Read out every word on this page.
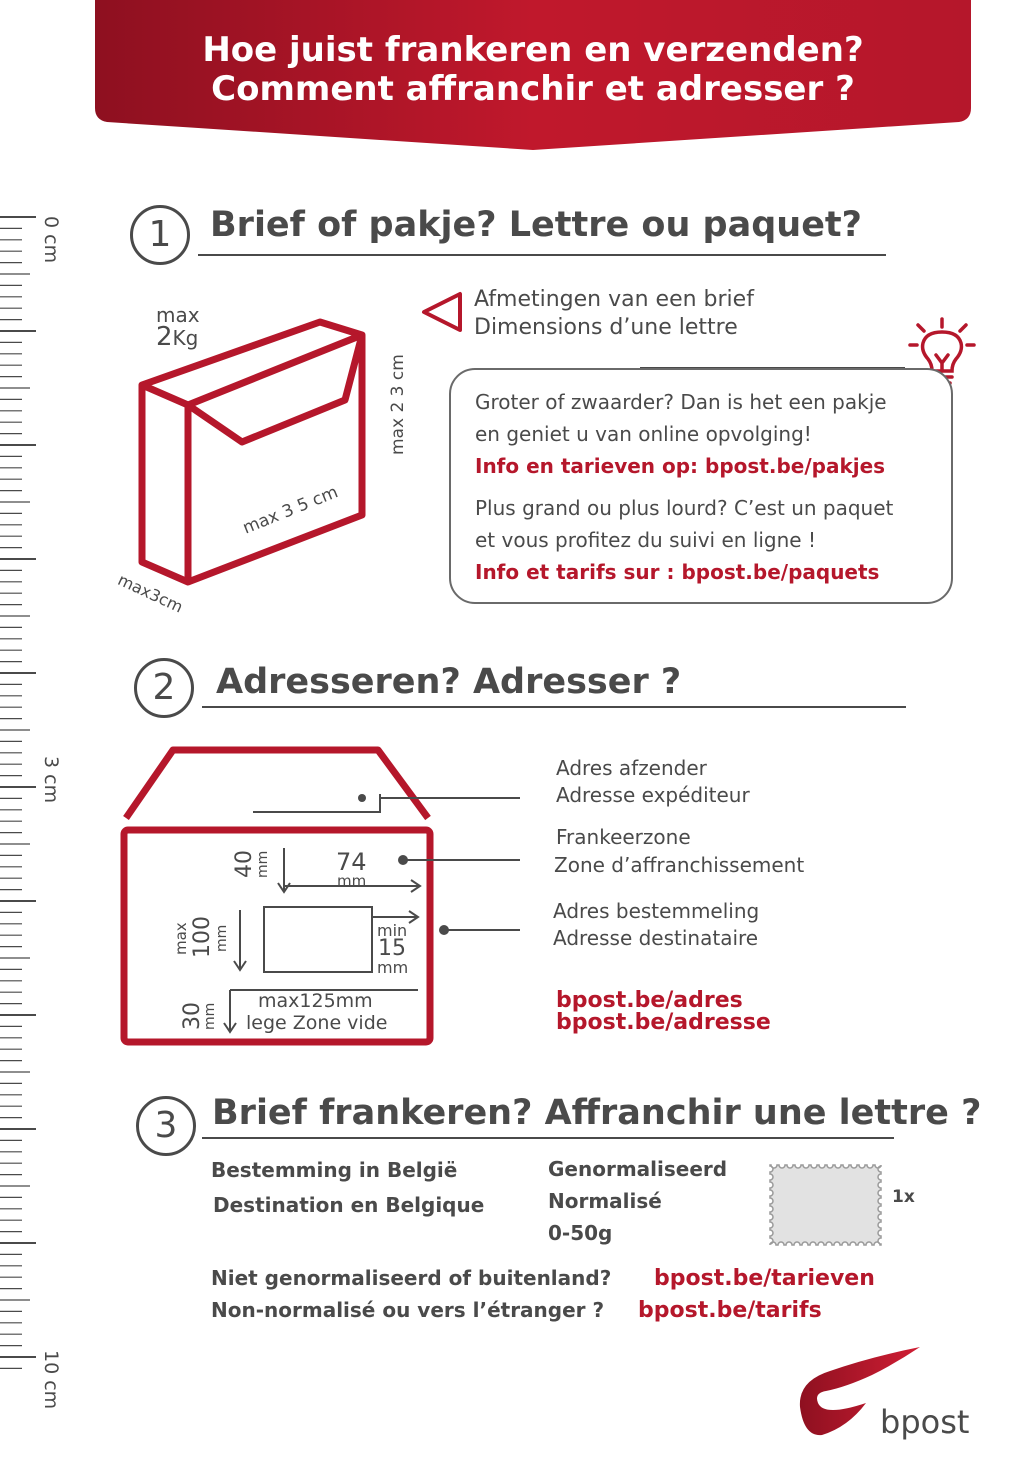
Hoe juist frankeren en verzenden?
Comment affranchir et adresser ?
0 cm
3 cm
10 cm
1	Brief of pakje? Lettre ou paquet?
max
2Kg
max 2 3 cm
max 3 5 cm
max3cm
Afmetingen van een brief
Dimensions d’une lettre
Groter of zwaarder? Dan is het een pakje
en geniet u van online opvolging!
Info en tarieven op: bpost.be/pakjes
Plus grand ou plus lourd? C’est un paquet
et vous profitez du suivi en ligne !
Info et tarifs sur : bpost.be/paquets
2	Adresseren? Adresser ?
40
mm	74
mm
max 100 mm	min
15
mm
30
mm
max125mm
lege Zone vide
Adres afzender
Adresse expéditeur
Frankeerzone
Zone d’affranchissement
Adres bestemmeling
Adresse destinataire
bpost.be/adres
bpost.be/adresse
3 Brief frankeren? Affranchir une lettre ?
Bestemming in België
Destination en Belgique
Genormaliseerd
Normalisé
0-50g
1x
Niet genormaliseerd of buitenland? bpost.be/tarieven
Non-normalisé ou vers l’étranger ? bpost.be/tarifs
bpost
